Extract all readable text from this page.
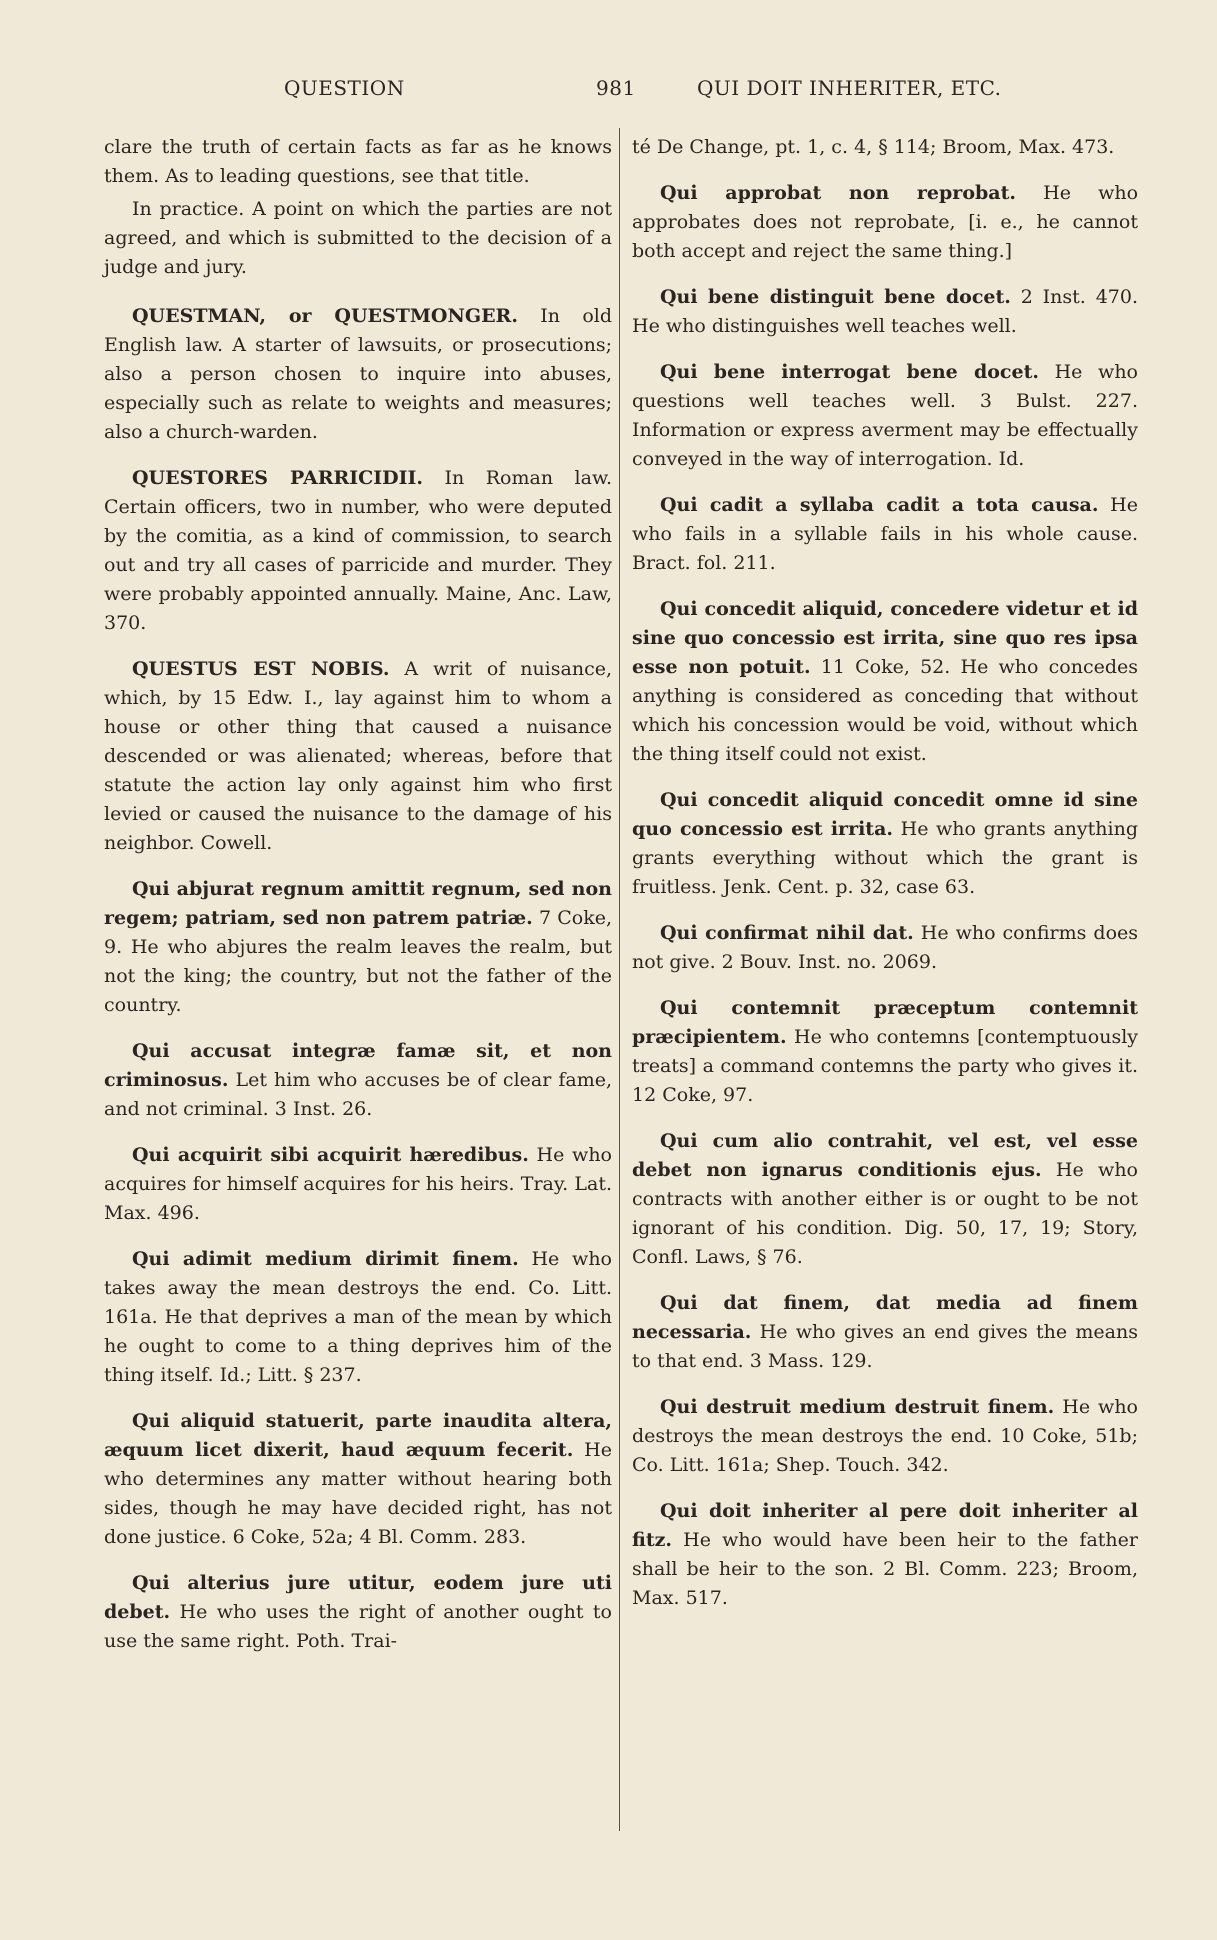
QUESTION	981	QUI DOIT INHERITER, ETC.

clare the truth of certain facts as far as he knows them. As to leading questions, see that title.

In practice. A point on which the parties are not agreed, and which is submitted to the decision of a judge and jury.

QUESTMAN, or QUESTMONGER. In old English law. A starter of lawsuits, or prosecutions; also a person chosen to inquire into abuses, especially such as relate to weights and measures; also a church-warden.

QUESTORES PARRICIDII. In Roman law. Certain officers, two in number, who were deputed by the comitia, as a kind of commission, to search out and try all cases of parricide and murder. They were probably appointed annually. Maine, Anc. Law, 370.

QUESTUS EST NOBIS. A writ of nuisance, which, by 15 Edw. I., lay against him to whom a house or other thing that caused a nuisance descended or was alienated; whereas, before that statute the action lay only against him who first levied or caused the nuisance to the damage of his neighbor. Cowell.

Qui abjurat regnum amittit regnum, sed non regem; patriam, sed non patrem patriæ. 7 Coke, 9. He who abjures the realm leaves the realm, but not the king; the country, but not the father of the country.

Qui accusat integræ famæ sit, et non criminosus. Let him who accuses be of clear fame, and not criminal. 3 Inst. 26.

Qui acquirit sibi acquirit hæredibus. He who acquires for himself acquires for his heirs. Tray. Lat. Max. 496.

Qui adimit medium dirimit finem. He who takes away the mean destroys the end. Co. Litt. 161a. He that deprives a man of the mean by which he ought to come to a thing deprives him of the thing itself. Id.; Litt. § 237.

Qui aliquid statuerit, parte inaudita altera, æquum licet dixerit, haud æquum fecerit. He who determines any matter without hearing both sides, though he may have decided right, has not done justice. 6 Coke, 52a; 4 Bl. Comm. 283.

Qui alterius jure utitur, eodem jure uti debet. He who uses the right of another ought to use the same right. Poth. Trai-

té De Change, pt. 1, c. 4, § 114; Broom, Max. 473.

Qui approbat non reprobat. He who approbates does not reprobate, [i. e., he cannot both accept and reject the same thing.]

Qui bene distinguit bene docet. 2 Inst. 470. He who distinguishes well teaches well.

Qui bene interrogat bene docet. He who questions well teaches well. 3 Bulst. 227. Information or express averment may be effectually conveyed in the way of interrogation. Id.

Qui cadit a syllaba cadit a tota causa. He who fails in a syllable fails in his whole cause. Bract. fol. 211.

Qui concedit aliquid, concedere videtur et id sine quo concessio est irrita, sine quo res ipsa esse non potuit. 11 Coke, 52. He who concedes anything is considered as conceding that without which his concession would be void, without which the thing itself could not exist.

Qui concedit aliquid concedit omne id sine quo concessio est irrita. He who grants anything grants everything without which the grant is fruitless. Jenk. Cent. p. 32, case 63.

Qui confirmat nihil dat. He who confirms does not give. 2 Bouv. Inst. no. 2069.

Qui contemnit præceptum contemnit præcipientem. He who contemns [contemptuously treats] a command contemns the party who gives it. 12 Coke, 97.

Qui cum alio contrahit, vel est, vel esse debet non ignarus conditionis ejus. He who contracts with another either is or ought to be not ignorant of his condition. Dig. 50, 17, 19; Story, Confl. Laws, § 76.

Qui dat finem, dat media ad finem necessaria. He who gives an end gives the means to that end. 3 Mass. 129.

Qui destruit medium destruit finem. He who destroys the mean destroys the end. 10 Coke, 51b; Co. Litt. 161a; Shep. Touch. 342.

Qui doit inheriter al pere doit inheriter al fitz. He who would have been heir to the father shall be heir to the son. 2 Bl. Comm. 223; Broom, Max. 517.
